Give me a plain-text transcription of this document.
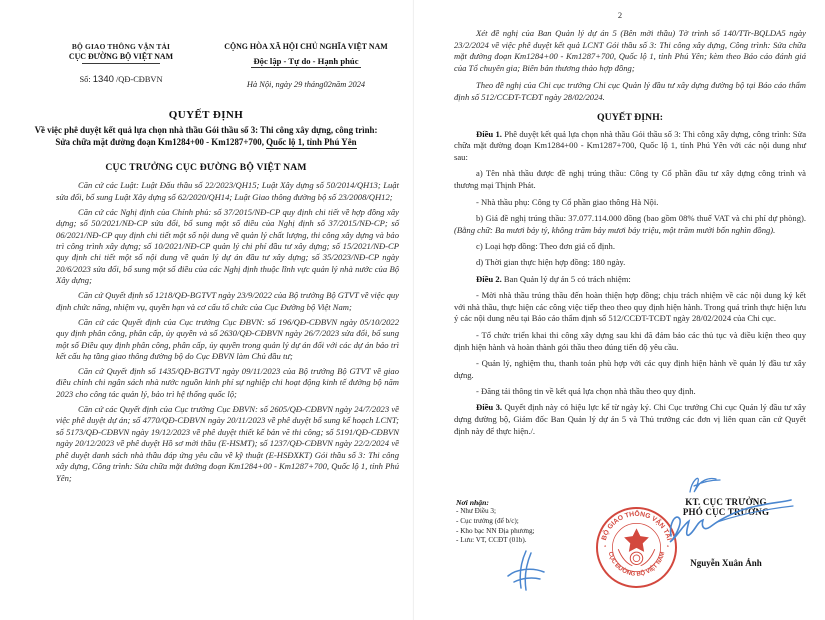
BỘ GIAO THÔNG VẬN TẢI
CỤC ĐƯỜNG BỘ VIỆT NAM
Số: 1340 /QĐ-CĐBVN
CỘNG HÒA XÃ HỘI CHỦ NGHĨA VIỆT NAM
Độc lập - Tự do - Hạnh phúc
Hà Nội, ngày 29 tháng02năm 2024
QUYẾT ĐỊNH
Về việc phê duyệt kết quả lựa chọn nhà thầu Gói thầu số 3: Thi công xây dựng, công trình: Sửa chữa mặt đường đoạn Km1284+00 - Km1287+700, Quốc lộ 1, tỉnh Phú Yên
CỤC TRƯỞNG CỤC ĐƯỜNG BỘ VIỆT NAM

Căn cứ các Luật: Luật Đấu thầu số 22/2023/QH15; Luật Xây dựng số 50/2014/QH13; Luật sửa đổi, bổ sung Luật Xây dựng số 62/2020/QH14; Luật Giao thông đường bộ số 23/2008/QH12;

Căn cứ các Nghị định của Chính phủ: số 37/2015/NĐ-CP quy định chi tiết về hợp đồng xây dựng; số 50/2021/NĐ-CP sửa đổi, bổ sung một số điều của Nghị định số 37/2015/NĐ-CP; số 06/2021/NĐ-CP quy định chi tiết một số nội dung về quản lý chất lượng, thi công xây dựng và bảo trì công trình xây dựng; số 10/2021/NĐ-CP quản lý chi phí đầu tư xây dựng; số 15/2021/NĐ-CP quy định chi tiết một số nội dung về quản lý dự án đầu tư xây dựng; số 35/2023/NĐ-CP ngày 20/6/2023 sửa đổi, bổ sung một số điều của các Nghị định thuộc lĩnh vực quản lý nhà nước của Bộ Xây dựng;

Căn cứ Quyết định số 1218/QĐ-BGTVT ngày 23/9/2022 của Bộ trưởng Bộ GTVT về việc quy định chức năng, nhiệm vụ, quyền hạn và cơ cấu tổ chức của Cục Đường bộ Việt Nam;

Căn cứ các Quyết định của Cục trưởng Cục ĐBVN: số 196/QĐ-CĐBVN ngày 05/10/2022 quy định phân công, phân cấp, ủy quyền và số 2630/QĐ-CĐBVN ngày 26/7/2023 sửa đổi, bổ sung một số Điều quy định phân công, phân cấp, ủy quyền trong quản lý dự án đối với các dự án bảo trì kết cấu hạ tầng giao thông đường bộ do Cục ĐBVN làm Chủ đầu tư;

Căn cứ Quyết định số 1435/QĐ-BGTVT ngày 09/11/2023 của Bộ trưởng Bộ GTVT về giao điều chỉnh chi ngân sách nhà nước nguồn kinh phí sự nghiệp chi hoạt động kinh tế đường bộ năm 2023 cho công tác quản lý, bảo trì hệ thống quốc lộ;

Căn cứ các Quyết định của Cục trưởng Cục ĐBVN: số 2605/QĐ-CĐBVN ngày 24/7/2023 về việc phê duyệt dự án; số 4770/QĐ-CĐBVN ngày 20/11/2023 về phê duyệt bổ sung kế hoạch LCNT; số 5173/QĐ-CĐBVN ngày 19/12/2023 về phê duyệt thiết kế bản vẽ thi công; số 5191/QĐ-CĐBVN ngày 20/12/2023 về phê duyệt Hồ sơ mời thầu (E-HSMT); số 1237/QĐ-CĐBVN ngày 22/2/2024 về phê duyệt danh sách nhà thầu đáp ứng yêu cầu về kỹ thuật (E-HSĐXKT) Gói thầu số 3: Thi công xây dựng, Công trình: Sửa chữa mặt đường đoạn Km1284+00 - Km1287+700, Quốc lộ 1, tỉnh Phú Yên;

2

Xét đề nghị của Ban Quản lý dự án 5 (Bên mời thầu) Tờ trình số 140/TTr-BQLDA5 ngày 23/2/2024 về việc phê duyệt kết quả LCNT Gói thầu số 3: Thi công xây dựng, Công trình: Sửa chữa mặt đường đoạn Km1284+00 - Km1287+700, Quốc lộ 1, tỉnh Phú Yên; kèm theo Báo cáo đánh giá của Tổ chuyên gia; Biên bản thương thảo hợp đồng;

Theo đề nghị của Chi cục trưởng Chi cục Quản lý đầu tư xây dựng đường bộ tại Báo cáo thẩm định số 512/CCĐT-TCĐT ngày 28/02/2024.

QUYẾT ĐỊNH:

Điều 1. Phê duyệt kết quả lựa chọn nhà thầu Gói thầu số 3: Thi công xây dựng, công trình: Sửa chữa mặt đường đoạn Km1284+00 - Km1287+700, Quốc lộ 1, tỉnh Phú Yên với các nội dung như sau:

a) Tên nhà thầu được đề nghị trúng thầu: Công ty Cổ phần đầu tư xây dựng công trình và thương mại Thịnh Phát.

- Nhà thầu phụ: Công ty Cổ phần giao thông Hà Nội.

b) Giá đề nghị trúng thầu: 37.077.114.000 đồng (bao gồm 08% thuế VAT và chi phí dự phòng). (Bằng chữ: Ba mươi bảy tỷ, không trăm bảy mươi bảy triệu, một trăm mười bốn nghìn đồng).

c) Loại hợp đồng: Theo đơn giá cố định.

d) Thời gian thực hiện hợp đồng: 180 ngày.

Điều 2. Ban Quản lý dự án 5 có trách nhiệm:

- Mời nhà thầu trúng thầu đến hoàn thiện hợp đồng; chịu trách nhiệm về các nội dung ký kết với nhà thầu, thực hiện các công việc tiếp theo theo quy định hiện hành. Trong quá trình thực hiện lưu ý các nội dung nêu tại Báo cáo thẩm định số 512/CCĐT-TCĐT ngày 28/02/2024 của Chi cục.

- Tổ chức triển khai thi công xây dựng sau khi đã đảm bảo các thủ tục và điều kiện theo quy định hiện hành và hoàn thành gói thầu theo đúng tiến độ yêu cầu.

- Quản lý, nghiệm thu, thanh toán phù hợp với các quy định hiện hành về quản lý đầu tư xây dựng.

- Đăng tải thông tin về kết quả lựa chọn nhà thầu theo quy định.

Điều 3. Quyết định này có hiệu lực kể từ ngày ký. Chi Cục trưởng Chi cục Quản lý đầu tư xây dựng đường bộ, Giám đốc Ban Quản lý dự án 5 và Thủ trưởng các đơn vị liên quan căn cứ Quyết định này để thực hiện./.

Nơi nhận:
- Như Điều 3;
- Cục trưởng (để b/c);
- Kho bạc NN Địa phương;
- Lưu: VT, CCĐT (01b).
KT. CỤC TRƯỞNG
PHÓ CỤC TRƯỞNG
Nguyễn Xuân Ảnh
BỘ GIAO THÔNG VẬN TẢI
CỤC ĐƯỜNG BỘ VIỆT NAM
